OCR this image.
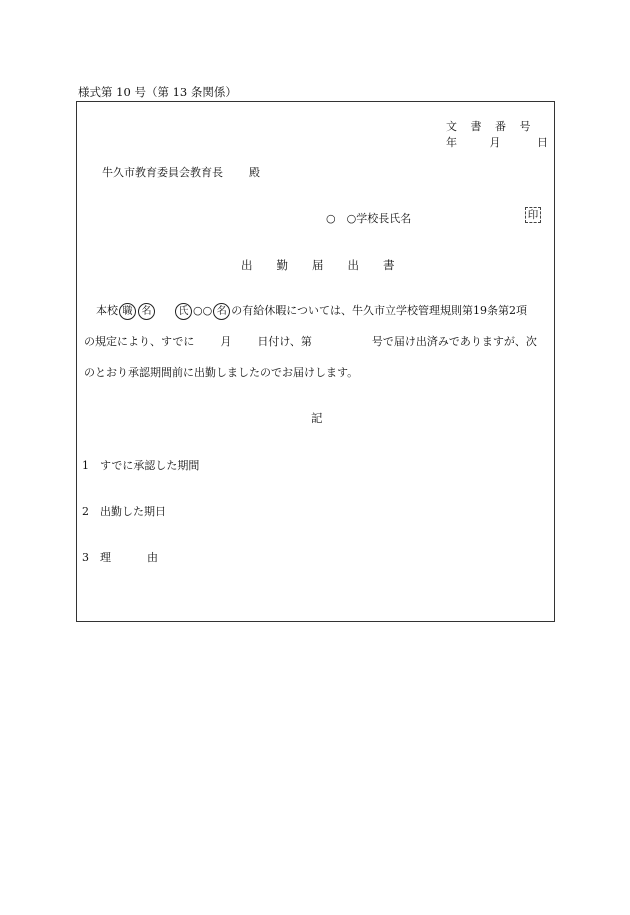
様式第 10 号（第 13 条関係）
文 書 番 号
年	月	日
牛久市教育委員会教育長 殿
○　○学校長氏名	印
出 勤 届 出 書
本校 職 名	氏 ○○ 名 の有給休暇については、牛久市立学校管理規則第19条第2項
の規定により、すでに 月 日付け、第	号で届け出済みでありますが、次
のとおり承認期間前に出勤しましたのでお届けします。
記
1 すでに承認した期間
2 出勤した期日
3 理	由
